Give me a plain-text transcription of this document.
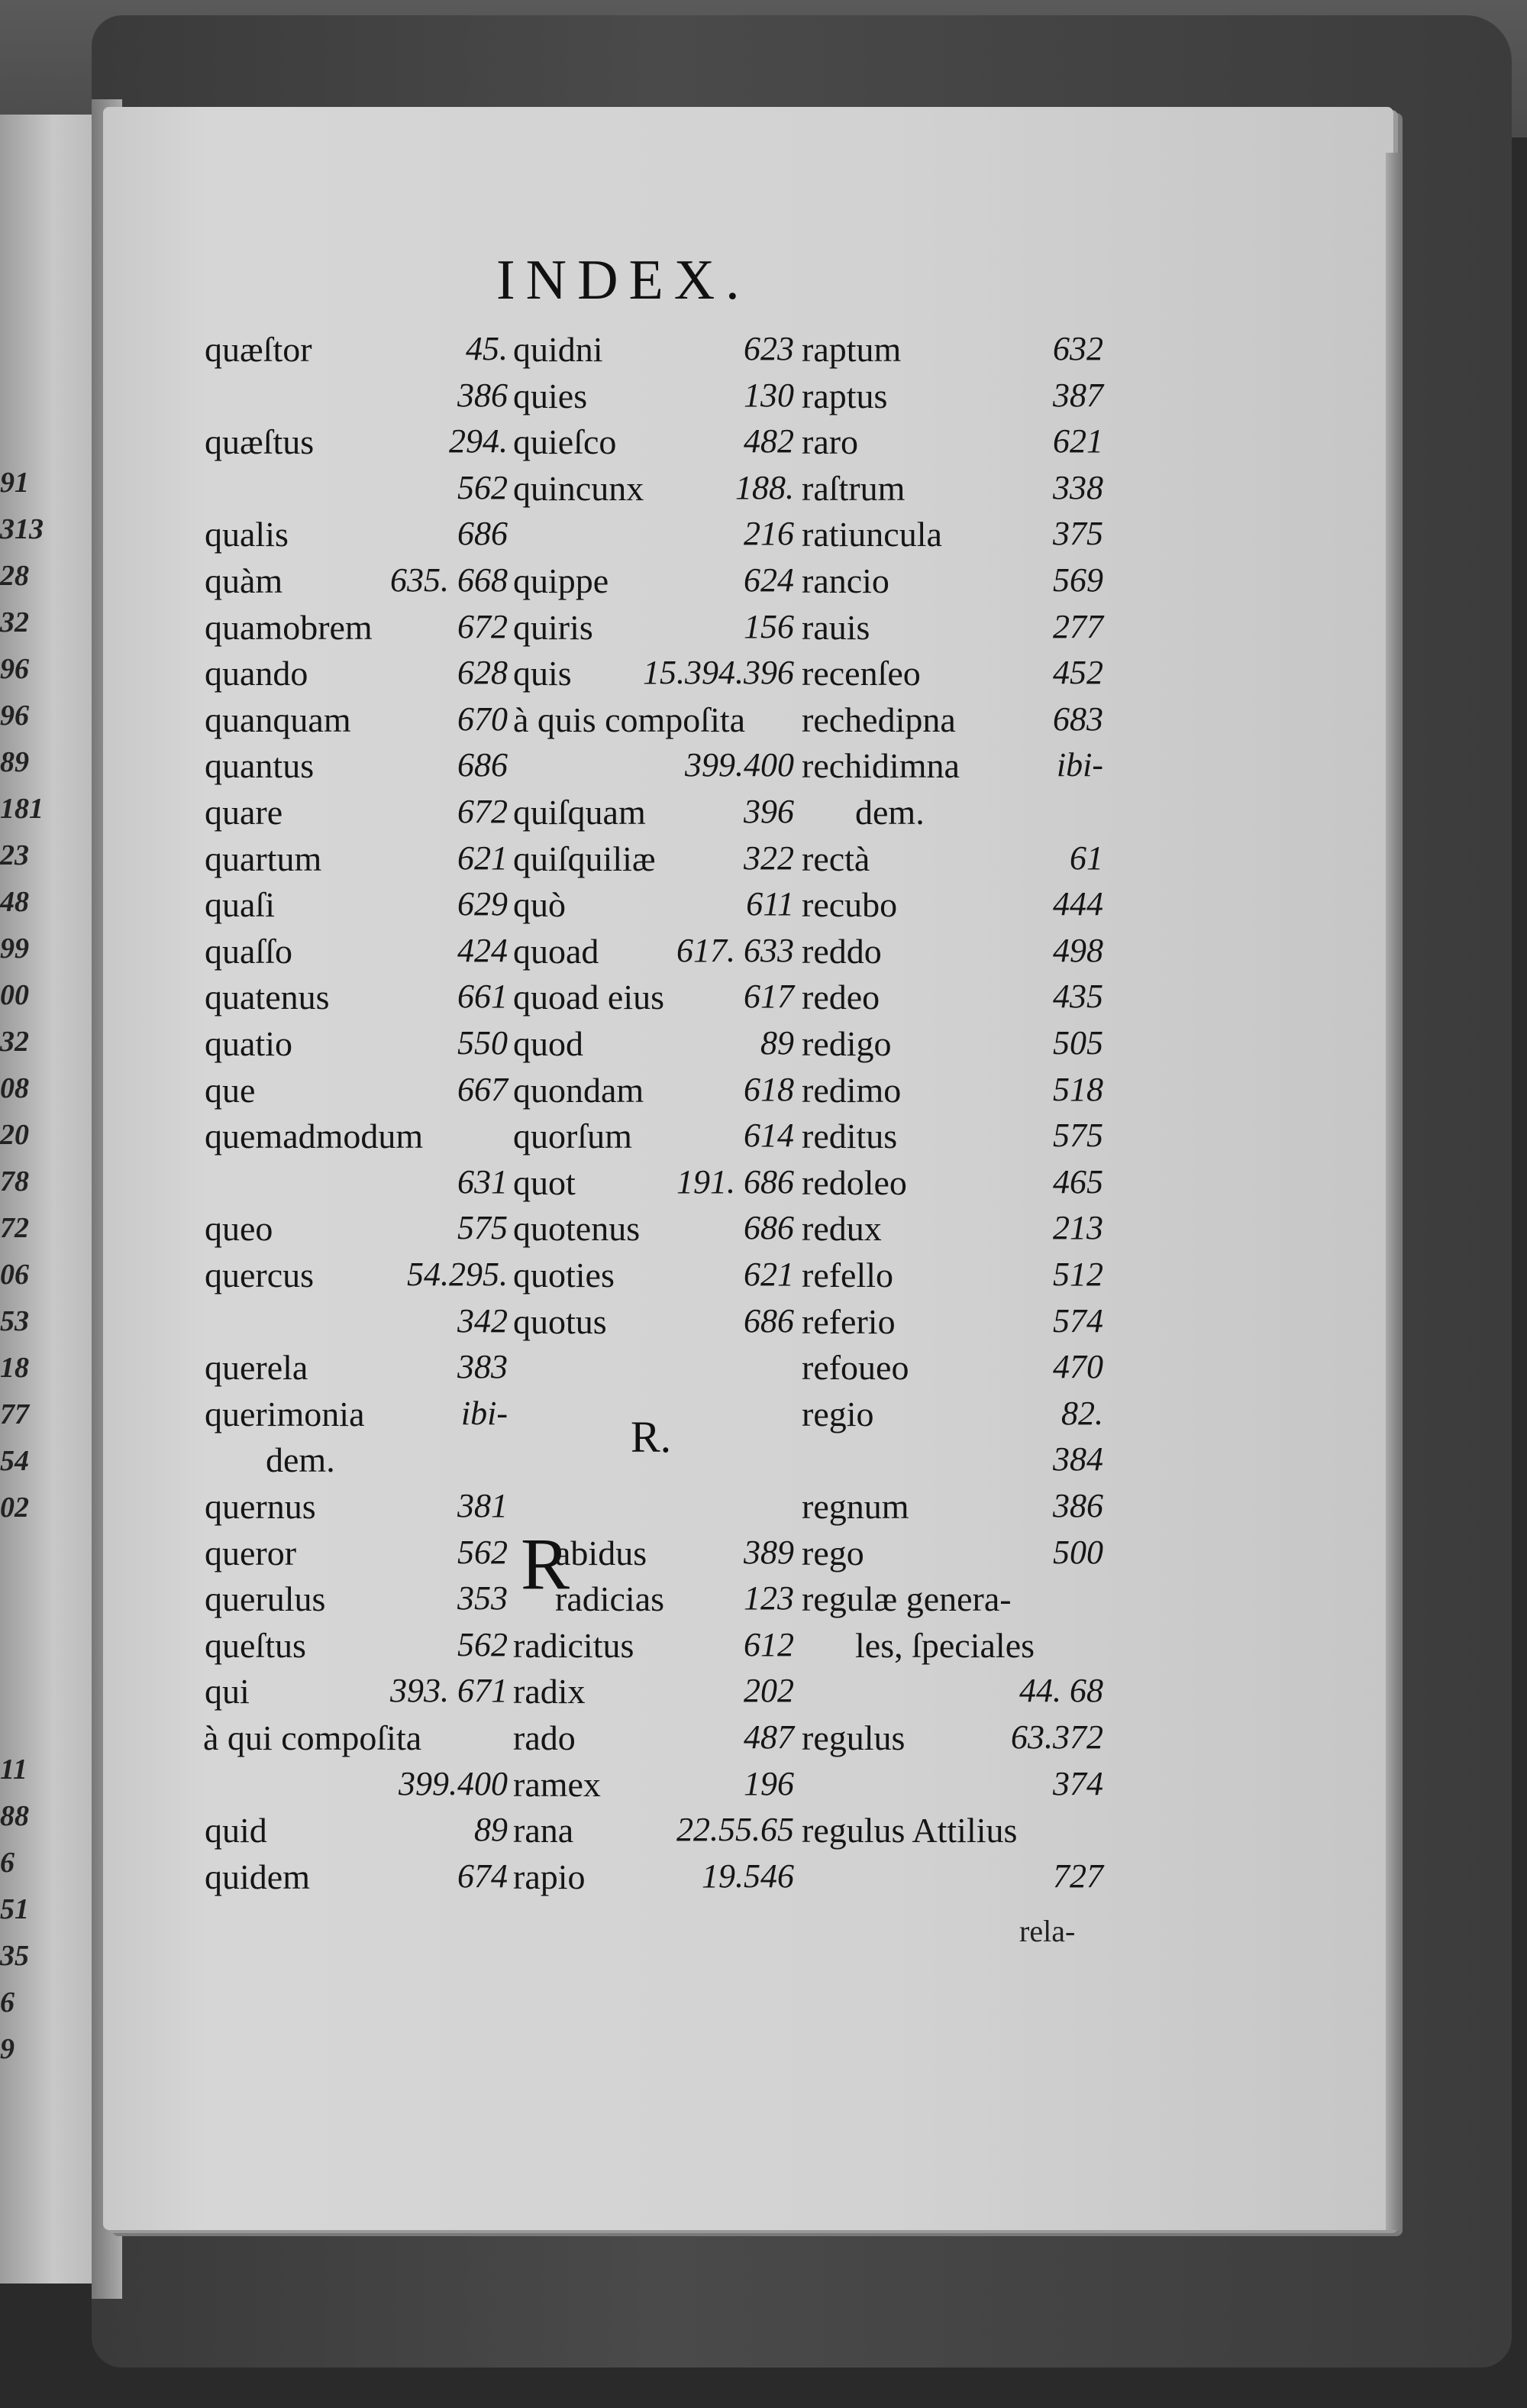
91
313
28
32
96
96
89
181
23
48
99
00
32
08
20
78
72
06
53
18
77
54
02
11
88
6
51
35
6
9
INDEX.
R.
R
rela-
quæſtor	45.
386
quæſtus	294.
562
qualis	686
quàm	635. 668
quamobrem	672
quando	628
quanquam	670
quantus	686
quare	672
quartum	621
quaſi	629
quaſſo	424
quatenus	661
quatio	550
que	667
quemadmodum
631
queo	575
quercus	54.295.
342
querela	383
querimonia	ibi-
dem.
quernus	381
queror	562
querulus	353
queſtus	562
qui	393. 671
à qui compoſita
399.400
quid	89
quidem	674
quidni	623
quies	130
quieſco	482
quincunx	188.
216
quippe	624
quiris	156
quis 15.394.396
à quis compoſita
399.400
quiſquam	396
quiſquiliæ	322
quò	611
quoad 617. 633
quoad eius 617
quod	89
quondam	618
quorſum	614
quot	191. 686
quotenus	686
quoties	621
quotus	686
abidus	389
radicias 123
radicitus	612
radix	202
rado	487
ramex	196
rana	22.55.65
rapio	19.546
raptum	632
raptus	387
raro	621
raſtrum	338
ratiuncula	375
rancio	569
rauis	277
recenſeo	452
rechedipna	683
rechidimna	ibi-
dem.
rectà	61
recubo	444
reddo	498
redeo	435
redigo	505
redimo	518
reditus	575
redoleo	465
redux	213
refello	512
referio	574
refoueo	470
regio	82.
384
regnum	386
rego	500
regulæ genera-
les, ſpeciales
44. 68
regulus	63.372
374
regulus Attilius
727
